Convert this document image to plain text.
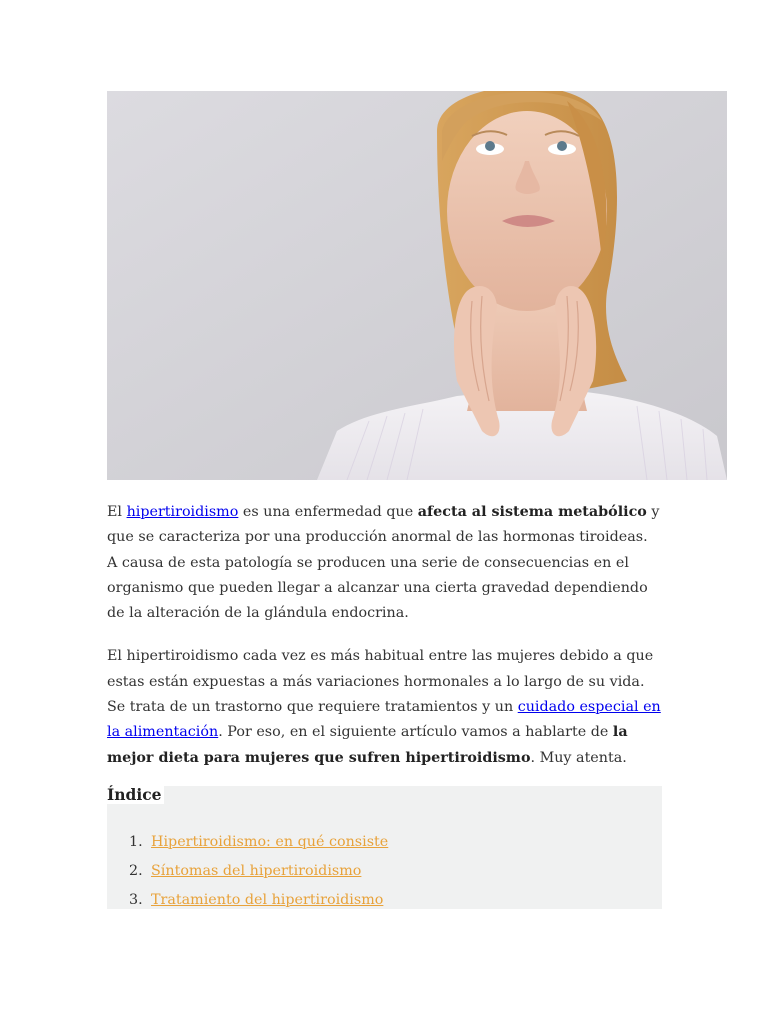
El hipertiroidismo es una enfermedad que afecta al sistema metabólico y que se caracteriza por una producción anormal de las hormonas tiroideas. A causa de esta patología se producen una serie de consecuencias en el organismo que pueden llegar a alcanzar una cierta gravedad dependiendo de la alteración de la glándula endocrina.

El hipertiroidismo cada vez es más habitual entre las mujeres debido a que estas están expuestas a más variaciones hormonales a lo largo de su vida. Se trata de un trastorno que requiere tratamientos y un cuidado especial en la alimentación. Por eso, en el siguiente artículo vamos a hablarte de la mejor dieta para mujeres que sufren hipertiroidismo. Muy atenta.

Índice
1. Hipertiroidismo: en qué consiste
2. Síntomas del hipertiroidismo
3. Tratamiento del hipertiroidismo
